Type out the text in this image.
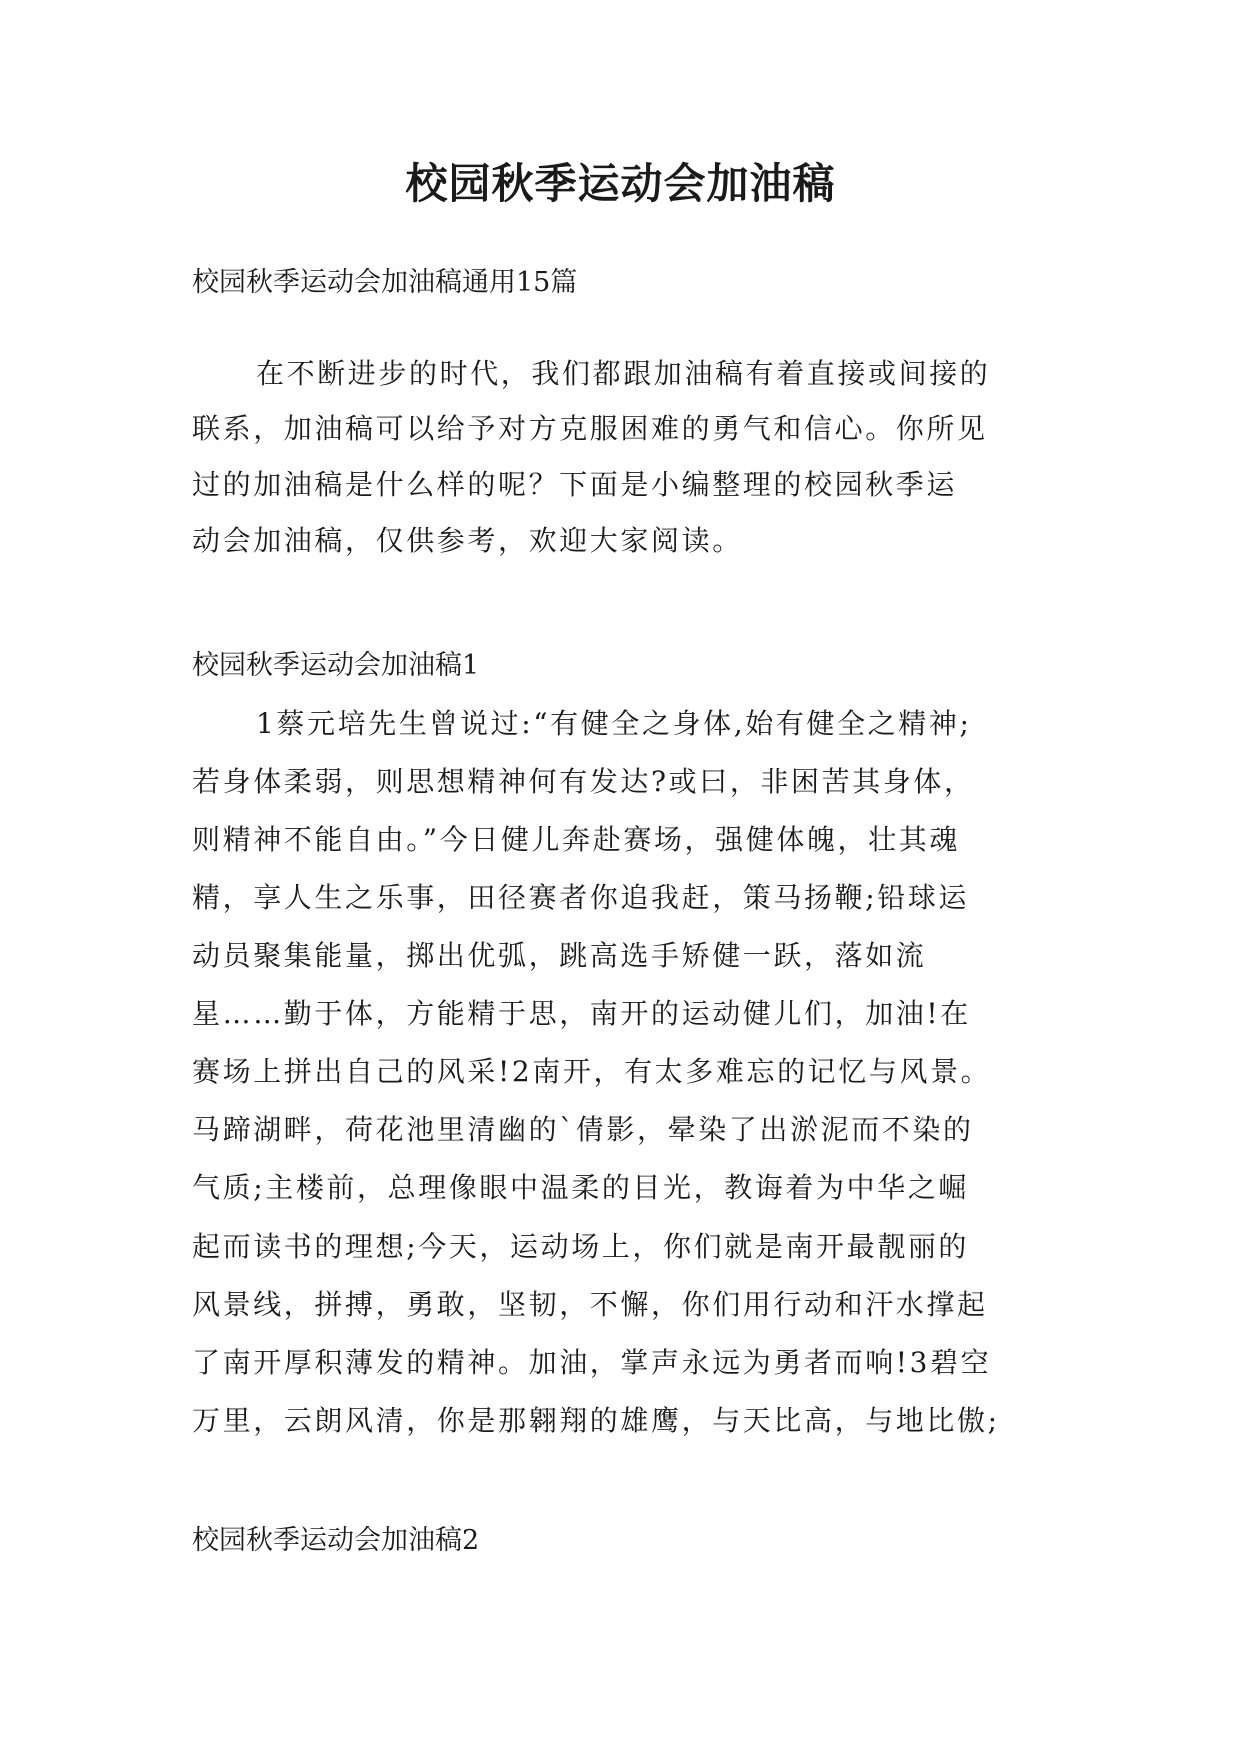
校园秋季运动会加油稿

校园秋季运动会加油稿通用15篇

在不断进步的时代，我们都跟加油稿有着直接或间接的

联系，加油稿可以给予对方克服困难的勇气和信心。你所见

过的加油稿是什么样的呢？下面是小编整理的校园秋季运

动会加油稿，仅供参考，欢迎大家阅读。

校园秋季运动会加油稿1

1蔡元培先生曾说过:“有健全之身体,始有健全之精神;

若身体柔弱，则思想精神何有发达?或曰，非困苦其身体，

则精神不能自由。”今日健儿奔赴赛场，强健体魄，壮其魂

精，享人生之乐事，田径赛者你追我赶，策马扬鞭;铅球运

动员聚集能量，掷出优弧，跳高选手矫健一跃，落如流

星……勤于体，方能精于思，南开的运动健儿们，加油!在

赛场上拼出自己的风采!2南开，有太多难忘的记忆与风景。

马蹄湖畔，荷花池里清幽的`倩影，晕染了出淤泥而不染的

气质;主楼前，总理像眼中温柔的目光，教诲着为中华之崛

起而读书的理想;今天，运动场上，你们就是南开最靓丽的

风景线，拼搏，勇敢，坚韧，不懈，你们用行动和汗水撑起

了南开厚积薄发的精神。加油，掌声永远为勇者而响!3碧空

万里，云朗风清，你是那翱翔的雄鹰，与天比高，与地比傲;

校园秋季运动会加油稿2
